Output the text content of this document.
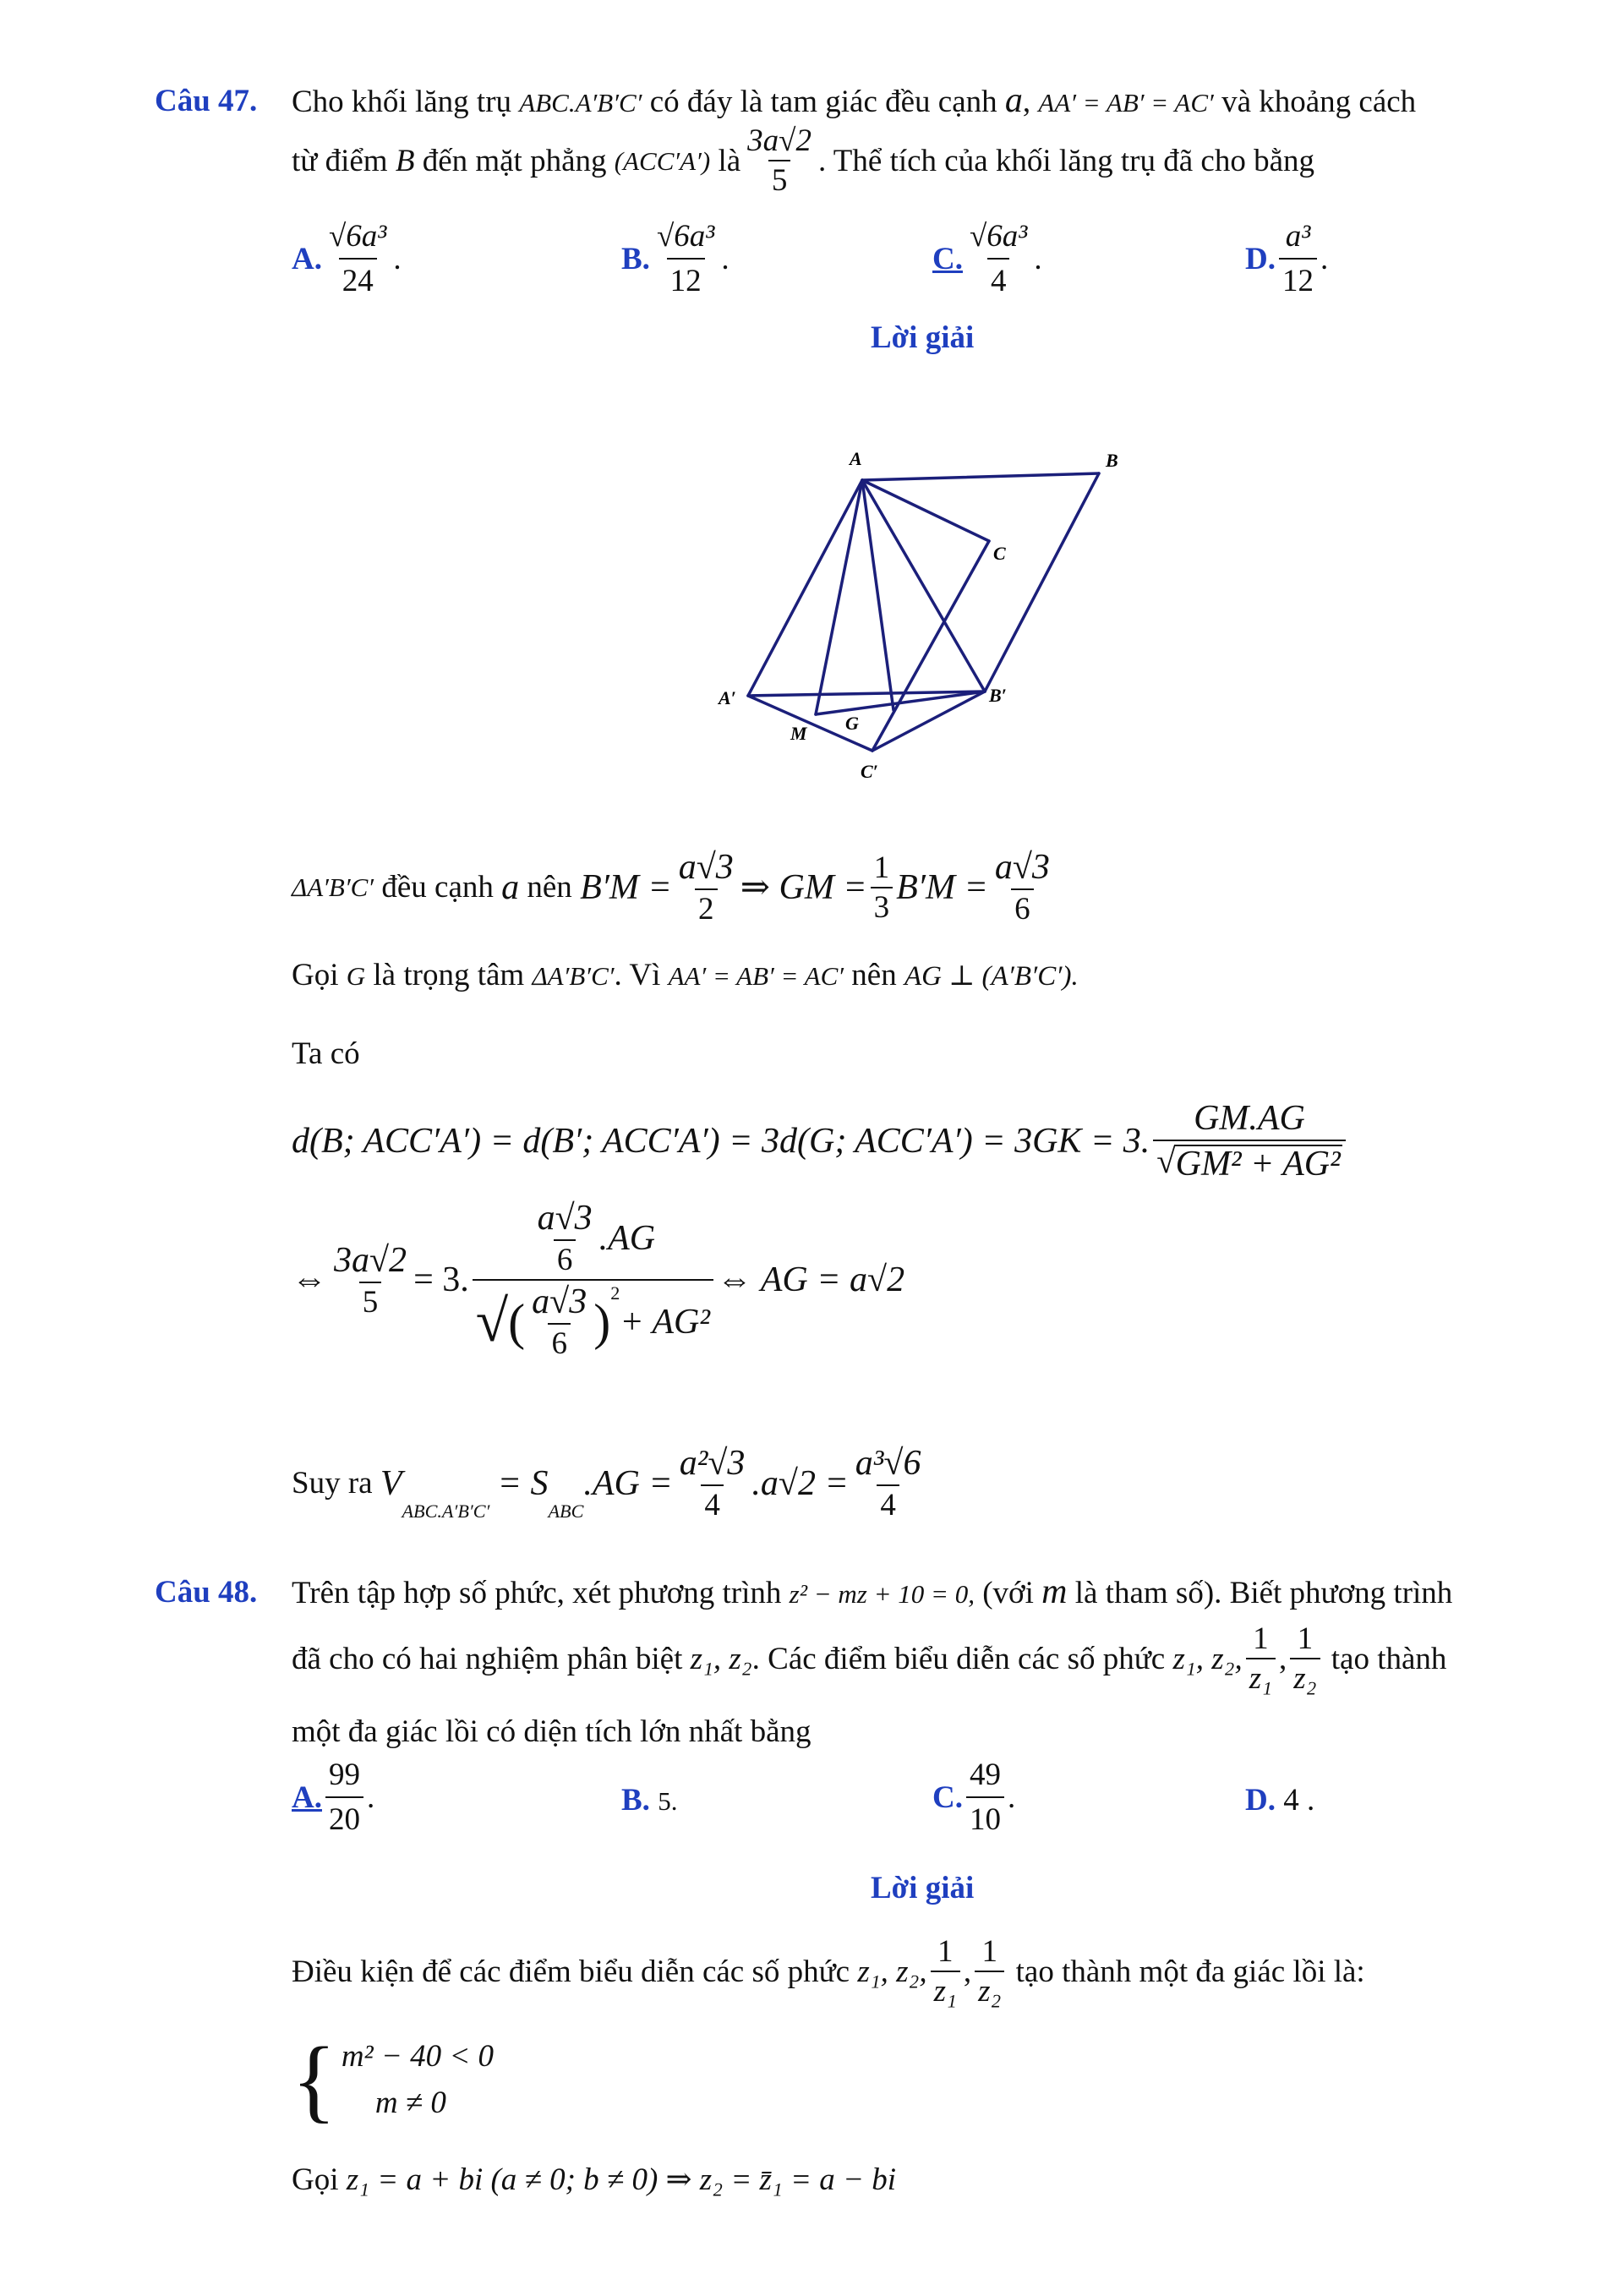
Câu 47. Cho khối lăng trụ ABC.A′B′C′ có đáy là tam giác đều cạnh a, AA′ = AB′ = AC′ và khoảng cách
từ điểm
B
đến mặt phẳng
(ACC′A′)
là $\frac{3a√2}{5}$ . Thể tích của khối lăng trụ đã cho bằng
A. $\frac{\text{√6a³}}{24}$ .	B. $\frac{\text{√6a³}}{12}$ .	C. $\frac{\text{√6a³}}{4}$ .	D. $\frac{\text{a³}}{12}$ .
Lời giải
A	B
C
A′	B′
C′
M G
ΔA′B′C′
đều cạnh
a
nên
$B'M = \frac{a√3}{2}$ ⇒ GM = $\frac{1}{3} B'M = \frac{a√3}{6}$
Gọi G là trọng tâm ΔA′B′C′. Vì AA′ = AB′ = AC′ nên AG ⊥ (A′B′C′).
Ta có
d(B; ACC′A′) = d(B′; ACC′A′) = 3d(G; ACC′A′) = 3GK = 3. $\frac{GM.AG}{\text{√ GM² + AG²}}$
⇔ $\frac{3a√2}{5} = 3$. $\frac{a√3}{6} .AG$
√ ( $\frac{a√3}{6}$ )
$^2$
+ AG² ⇔ AG = a√2
Suy ra
V
ABC.A′B′C′

= S
ABC
$.AG = \frac{\text{a²√3}}{4} .a√2 = \frac{\text{a³√6}}{4}$
Câu 48. Trên tập hợp số phức, xét phương trình z² − mz + 10 = 0, (với m là tham số). Biết phương trình
đã cho có hai nghiệm phân biệt
z₁, z₂ . Các điểm biểu diễn các số phức
z₁, z₂, $\frac{1}{\text{z₁}}$ , $\frac{1}{\text{z₂}}$
tạo thành
một đa giác lồi có diện tích lớn nhất bằng
A. $\frac{99}{20}$ .	B. 5.	C. $\frac{49}{10}$ .	D. 4 .
Lời giải
Điều kiện để các điểm biểu diễn các số phức
z₁, z₂, $\frac{1}{\text{z₁}}$ , $\frac{1}{\text{z₂}}$
tạo thành một đa giác lồi là:
{ m² − 40 < 0
m ≠ 0
Gọi z₁ = a + bi (a ≠ 0; b ≠ 0) ⇒ z₂ = z̄₁ = a − bi
